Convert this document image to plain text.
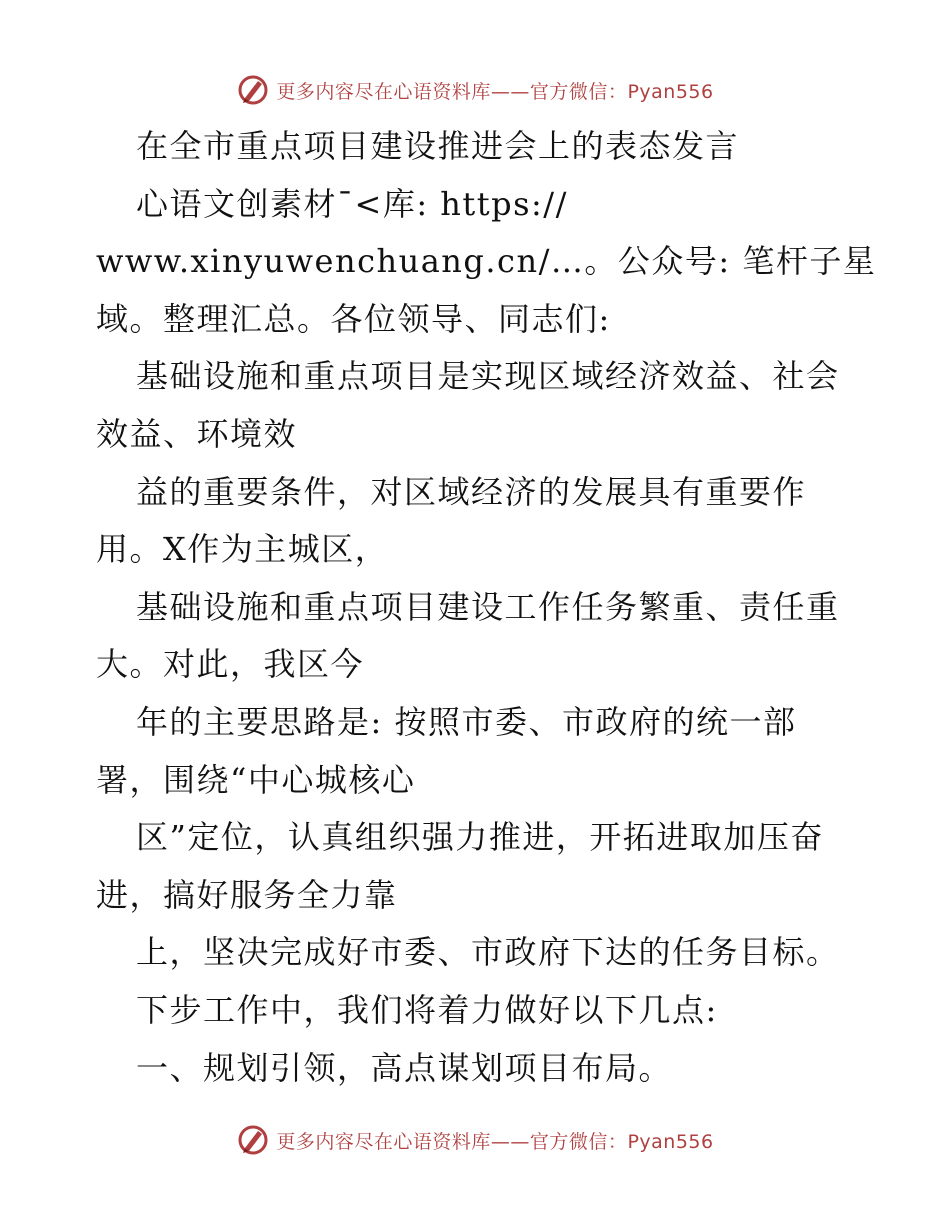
更多内容尽在心语资料库——官方微信：Pyan556
在全市重点项目建设推进会上的表态发言
心语文创素材¯<库: https://
www.xinyuwenchuang.cn/…。公众号: 笔杆子星
域。整理汇总。各位领导、同志们:
基础设施和重点项目是实现区域经济效益、社会
效益、环境效
益的重要条件，对区域经济的发展具有重要作
用。X作为主城区，
基础设施和重点项目建设工作任务繁重、责任重
大。对此，我区今
年的主要思路是: 按照市委、市政府的统一部
署，围绕“中心城核心
区”定位，认真组织强力推进，开拓进取加压奋
进，搞好服务全力靠
上，坚决完成好市委、市政府下达的任务目标。
下步工作中，我们将着力做好以下几点:
一、规划引领，高点谋划项目布局。
更多内容尽在心语资料库——官方微信：Pyan556
